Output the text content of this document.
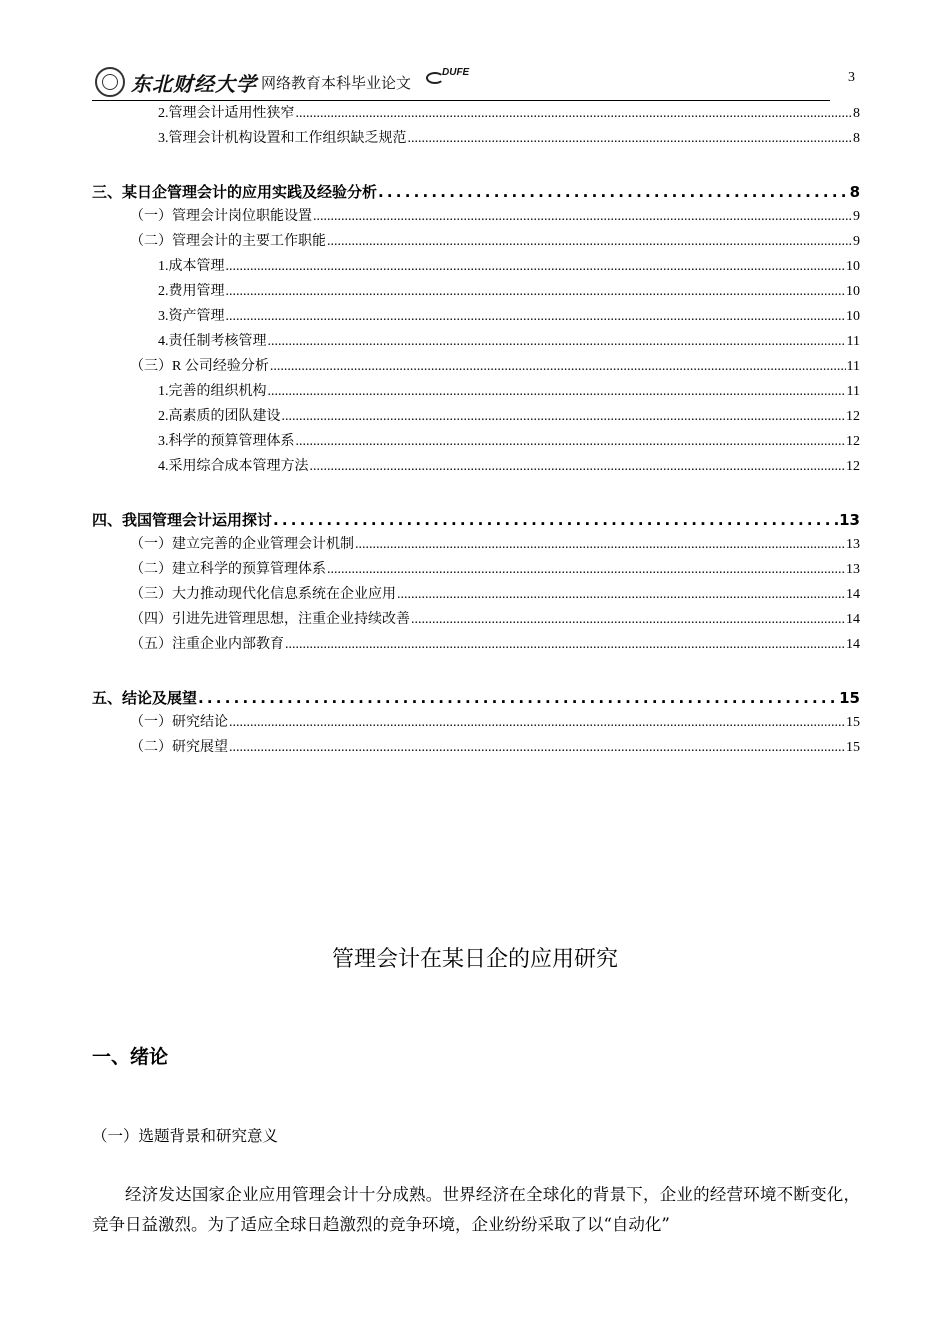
东北财经大学 网络教育本科毕业论文
DUFE	3
2.管理会计适用性狭窄 .....	8
3.管理会计机构设置和工作组织缺乏规范 .....	8
三、某日企管理会计的应用实践及经验分析 .....	8
（一）管理会计岗位职能设置 .....	9
（二）管理会计的主要工作职能 .....	9
1.成本管理 .....	10
2.费用管理 .....	10
3.资产管理 .....	10
4.责任制考核管理 .....	11
（三）R 公司经验分析 .....	11
1.完善的组织机构 .....	11
2.高素质的团队建设 .....	12
3.科学的预算管理体系 .....	12
4.采用综合成本管理方法 .....	12
四、我国管理会计运用探讨 .....	13
（一）建立完善的企业管理会计机制 .....	13
（二）建立科学的预算管理体系 .....	13
（三）大力推动现代化信息系统在企业应用 .....	14
（四）引进先进管理思想，注重企业持续改善 .....	14
（五）注重企业内部教育 .....	14
五、结论及展望 .....	15
（一）研究结论 .....	15
（二）研究展望 .....	15
管理会计在某日企的应用研究
一、绪论
（一）选题背景和研究意义
经济发达国家企业应用管理会计十分成熟。世界经济在全球化的背景下，企业的经营环境不断变化，竞争日益激烈。为了适应全球日趋激烈的竞争环境，企业纷纷采取了以“自动化”
